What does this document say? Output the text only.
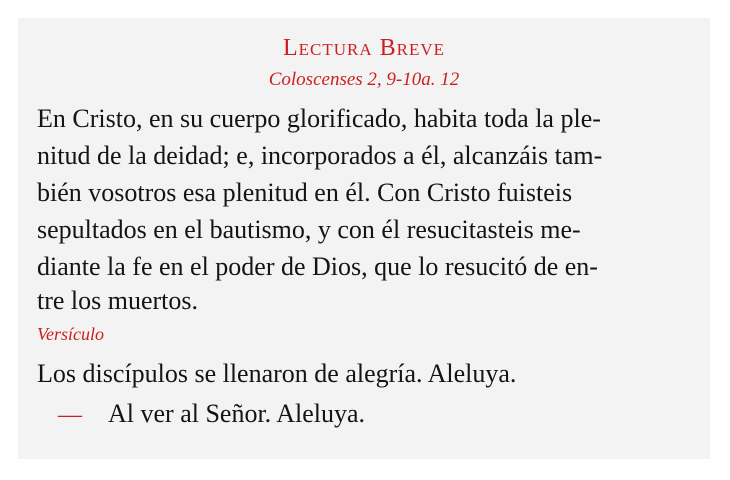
Lectura Breve
Coloscenses 2, 9-10a. 12
En Cristo, en su cuerpo glorificado, habita toda la ple-
nitud de la deidad; e, incorporados a él, alcanzáis tam-
bién vosotros esa plenitud en él. Con Cristo fuisteis
sepultados en el bautismo, y con él resucitasteis me-
diante la fe en el poder de Dios, que lo resucitó de en-
tre los muertos.
Versículo
Los discípulos se llenaron de alegría. Aleluya.
— Al ver al Señor. Aleluya.
